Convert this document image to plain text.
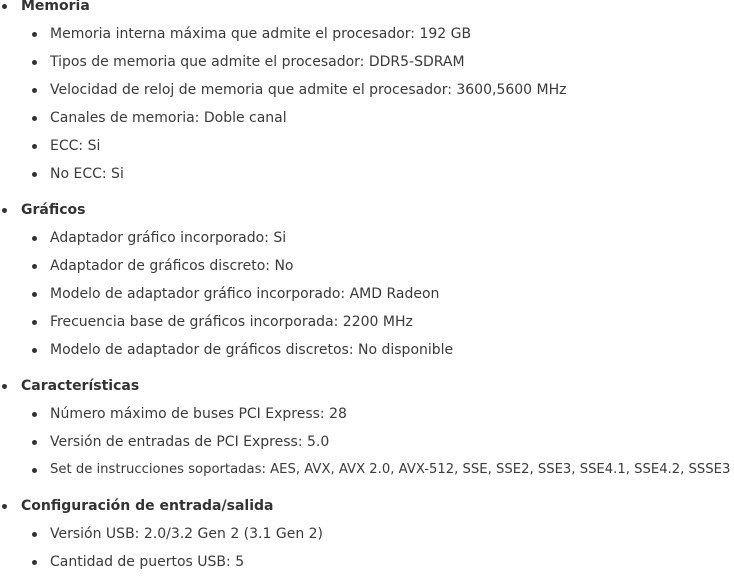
Memoria
Memoria interna máxima que admite el procesador: 192 GB
Tipos de memoria que admite el procesador: DDR5-SDRAM
Velocidad de reloj de memoria que admite el procesador: 3600,5600 MHz
Canales de memoria: Doble canal
ECC: Si
No ECC: Si
Gráficos
Adaptador gráfico incorporado: Si
Adaptador de gráficos discreto: No
Modelo de adaptador gráfico incorporado: AMD Radeon
Frecuencia base de gráficos incorporada: 2200 MHz
Modelo de adaptador de gráficos discretos: No disponible
Características
Número máximo de buses PCI Express: 28
Versión de entradas de PCI Express: 5.0
Set de instrucciones soportadas: AES, AVX, AVX 2.0, AVX-512, SSE, SSE2, SSE3, SSE4.1, SSE4.2, SSSE3
Configuración de entrada/salida
Versión USB: 2.0/3.2 Gen 2 (3.1 Gen 2)
Cantidad de puertos USB: 5
